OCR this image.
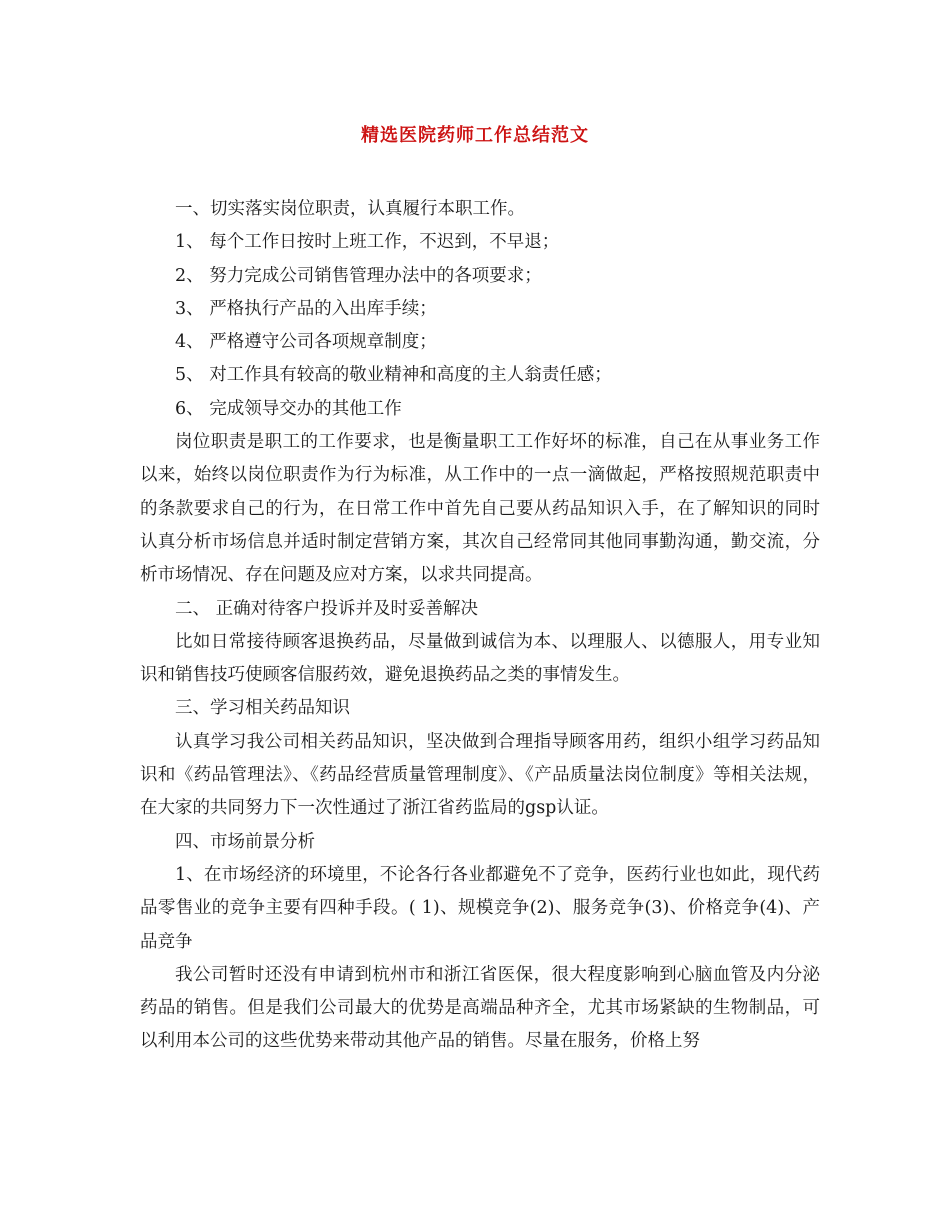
精选医院药师工作总结范文

一、切实落实岗位职责，认真履行本职工作。

1、 每个工作日按时上班工作，不迟到，不早退；

2、 努力完成公司销售管理办法中的各项要求；

3、 严格执行产品的入出库手续；

4、 严格遵守公司各项规章制度；

5、 对工作具有较高的敬业精神和高度的主人翁责任感；

6、 完成领导交办的其他工作

岗位职责是职工的工作要求，也是衡量职工工作好坏的标准，自己在从事业务工作以来，始终以岗位职责作为行为标准，从工作中的一点一滴做起，严格按照规范职责中的条款要求自己的行为，在日常工作中首先自己要从药品知识入手，在了解知识的同时认真分析市场信息并适时制定营销方案，其次自己经常同其他同事勤沟通，勤交流，分析市场情况、存在问题及应对方案，以求共同提高。

二、 正确对待客户投诉并及时妥善解决

比如日常接待顾客退换药品，尽量做到诚信为本、以理服人、以德服人，用专业知识和销售技巧使顾客信服药效，避免退换药品之类的事情发生。

三、学习相关药品知识

认真学习我公司相关药品知识，坚决做到合理指导顾客用药，组织小组学习药品知识和《药品管理法》、《药品经营质量管理制度》、《产品质量法岗位制度》等相关法规，在大家的共同努力下一次性通过了浙江省药监局的gsp认证。

四、市场前景分析

1、在市场经济的环境里，不论各行各业都避免不了竞争，医药行业也如此，现代药品零售业的竞争主要有四种手段。( 1)、规模竞争(2)、服务竞争(3)、价格竞争(4)、产品竞争

我公司暂时还没有申请到杭州市和浙江省医保，很大程度影响到心脑血管及内分泌药品的销售。但是我们公司最大的优势是高端品种齐全，尤其市场紧缺的生物制品，可以利用本公司的这些优势来带动其他产品的销售。尽量在服务，价格上努
